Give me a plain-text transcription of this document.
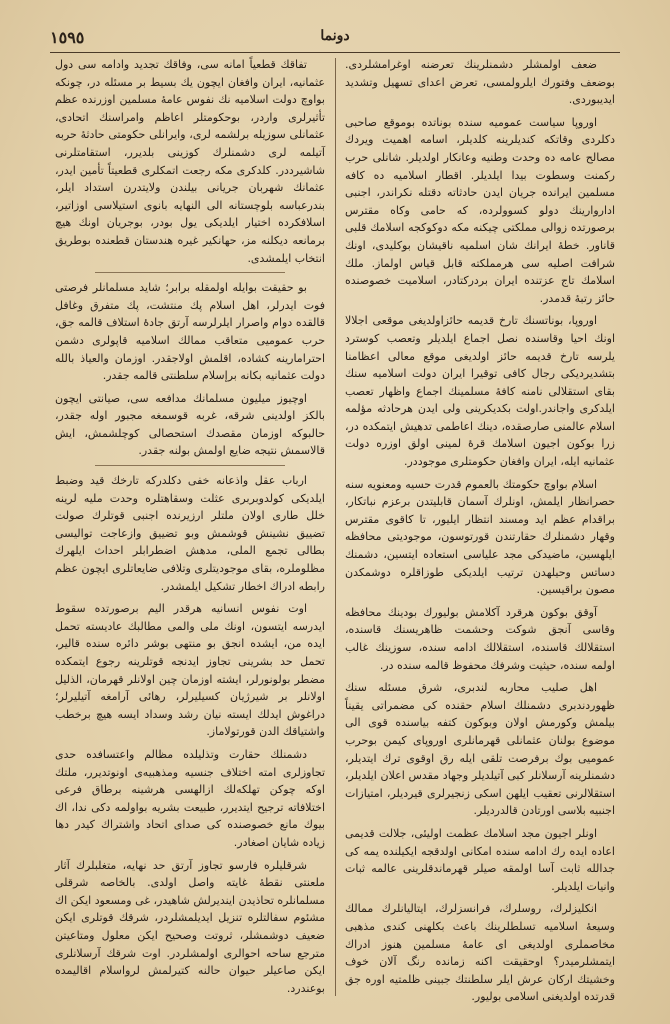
دونما
١٥٩٥

ضعف اولمشلر دشمنلرینك تعرضنه اوغرامشلردی. بوضعف وفتورك ایلرولمسی، تعرض اعدای تسهیل وتشدید ایدیبوردی.

اوروپا سیاست عمومیه سنده بوناتده بوموقع صاحبی دكلردی وقاتكه كندیلرینه كلدیلر، اسامه اهمیت ویردك مصالح عامه ده وحدت وطنیه وعانكار اولدیلر. شانلی حرب ركمنت وسطوت بیدا ایلدیلر. اقطار اسلامیه ده كافه مسلمین ایرانده جریان ایدن حادثاته دقتله نكراندر، اجنبی اداروارینك دولو كسوولرده، كه حامی وكاه مقترس برصورتده زوالی مملكتی چیكنه مكه دوكوكجه اسلامك قلبی قاناور. خطهٔ ایرانك شان اسلمیه ناقیشان بوكلیدی، اونك شرافت اصلیه سی هرمملكته قابل قیاس اولماز. ملك اسلامك تاج عزتنده ایران بردركتادر، اسلامیت خصوصنده حائز رتبهٔ قدمدر.

اوروپا، بوناتسنك تارخ قدیمه حائزاولدیغی موقعی اجلالا اونك احیا وقاسنده نصل اجماع ایلدیلر وتعصب كوسترد یلرسه تارخ قدیمه حائز اولدیغی موقع معالی اعظامنا بتشدیردیكی رجال كافی توقیرا ایران دولت اسلامیه سنك بقای استقلالی نامنه كافهٔ مسلمینك اجماع واظهار تعصب ایلدكری واجاندر.اولت بكدیكرینی ولی ایدن هرحادثه مؤلمه اسلام عالمنی صارصقده، دینك اعاطمی تدهیش ایتمكده در، زرا بوكون اجیون اسلامك قرهٔ لمینی اولق اوزره دولت عثمانیه ایله، ایران وافغان حكومتلری موجوددر.

اسلام بواوچ حكومتك بالعموم قدرت حسیه ومعنویه سنه حصرانظار ایلمش، اونلرك آسمان قابلیتدن برعزم نباتكار، براقدام عظم اید ومسند انتظار ایلیور، تا كاقوی مقترس وقهار دشمنلرك حقارتندن قورتوسون، موجودیتی محافظه ایلهسین، ماضیدكی مجد علیاسی استعاده ایتسین، دشمنك دساتس وحیلهدن ترتیب ایلدیكی طوزاقلره دوشمكدن مصون براقیسین.

آوقق بوكون هرقرد آكلامش بولیورك بودینك محافظه وقاسی آنجق شوكت وحشمت ظاهریسنك قاسنده، استقلالك قاسنده، استقلالك ادامه سنده، سوزینك غالب اولمه سنده، حیثیت وشرفك محفوظ قالمه سنده در.

اهل صلیب محاربه لندبری، شرق مسئله سنك ظهوردندبری دشمنلك اسلام حقنده كی مضمراتی یقیناً بیلمش وكورمش اولان وبوكون كتفه بیاسنده قوی الی موضوع بولنان عثمانلی قهرمانلری اوروپای كیمن بوحرب عمومیی بوك برفرصت تلقی ایله رق اوقوی ترك ایتدیلر، دشمنلرینه آرسلانلر كبی آتیلدیلر وجهاد مقدس اعلان ایلدیلر، استقلالرنی تعقیب ایلهن اسكی زنجیرلری قیردیلر، امتیازات اجنبیه بلاسی اورتادن قالدردیلر.

اونلر اجیون مجد اسلامك عظمت اولیئی، جلالت قدیمی اعاده ایده رك ادامه سنده امكانی اولدقجه ایكیلنده یمه كی جدالله ثابت آسا اولمقه صیلر قهرماندقلرینی عالمه ثبات وانیات ایلدیلر.

انكلیزلرك، روسلرك، فرانسزلرك، ایتالیانلرك ممالك وسیعهٔ اسلامیه تسلطلرینك باعث بكلهنی كندی مذهبی مخاصملری اولدیغی ای عامهٔ مسلمین هنوز ادراك ایتمشلرمیدر؟ اوحقیقت اکنه زمانده رنگ آلان خوف وخشیتك اركان عرش ایلر سلطنتك جبینی ظلمتیه اوره جق قدرتده اولدیغنی اسلامی بولیور.

تفاقك قطعیاً امانه سی، وفاقك تجدید وادامه سی دول عثمانیه، ایران وافغان ایچون یك بسیط بر مسئله در، چونكه بواوچ دولت اسلامیه نك نفوس عامهٔ مسلمین اوزرنده عظم تأثیرلری واردر، بوحكومتلر اعاظم وامراسنك اتحادی، عثمانلی سوزیله برلشمه لری، وایرانلی حكومتی حادثهٔ حربه آتیلمه لری دشمنلرك كوزینی بلدیرر، استقامتلرنی شاشیرددر. كلدكری مكه رجعت اتمكلری قطعیتاً تأمین ایدر، عثمانك شهربان جریانی بیلندن ولایتدرن استداد ایلر، بندرعباسه بلوچستانه الی النهایه بانوی استیلاسی اوزاتیر، اسلافكرده اختیار ایلدیكی یول بودر، بوجریان اونك هیچ برمانعه دیكلنه مز، حهانكیر غیره هندستان قطعنده بوطریق انتخاب ایلمشدی.

بو حقیقت بوایله اولمقله برابر؛ شاید مسلمانلر فرصتی فوت ایدرلر، اهل اسلام پك منتشت، پك متفرق وغافل قالقده دوام واصرار ایلرلرسه آرتق جادهٔ استلاف قالمه جق، حرب عمومیی متعاقب ممالك اسلامیه قاپولری دشمن احترامارینه كشاده، اقلمش اولاجقدر. اوزمان والعیاذ بالله دولت عثمانیه بكانه برإسلام سلطنتی قالمه جقدر.

اوچیوز میلیون مسلمانك مدافعه سی، صیانتی ایچون بالكز اولدینی شرقه، غربه قوسمغه مجبور اوله جقدر، حالبوكه اوزمان مقصدك استحصالی كوچلشمش، ایش قالاسمش نتیجه ضایع اولمش بولنه جقدر.

ارباب عقل واذعانه خفی دكلدركه تارخك قید وضبط ایلدیكی كولدوبربری عثلت وسقاهتلره وحدت ملیه لرینه خلل طاری اولان ملتلر ارزیرنده اجنبی قوتلرك صولت تضییق نشینش قوشمش وبو تضییق وازعاجت تواليسی بطالی تجمع الملی، مدهش اضطرابلر احداث ایلهرك مظلوملره، بقای موجودیتلری وتلافی ضایعاتلری ایچون عظم رابطه ادراك اخطار تشكیل ایلمشدر.

اوت نفوس انسانیه هرقدر الیم برصورتده سقوط ایدرسه ایتسون، اونك ملی والمی مطالبك عادیسته تحمل ایده من، ایشده انجق بو منتهی بوشر دائره سنده قالیر، تحمل حد بشرینی تجاوز ایدنجه قوتلرینه رجوع ایتمكده مضطر بولونورلر، ایشته اوزمان چین اولانلر قهرمان، الذلیل اولانلر بر شیرژیان كسیلیرلر، رهائی آرامغه آتیلیرلر؛ دراغوش ایدلك ایسته نیان رشد وسداد ایسه هیچ برخطب واشتیاقك الدن قورتولاماز.

دشمنلك حقارت وتذلیلده مظالم واعتسافده حدی تجاوزلری امته اختلاف جنسیه ومذهبیه‌ی اونوتدیرر، ملتك اوكه چوكن تهلكه‌لك ازالهسی هرشینه برطاق فرعی اختلافاته ترجیح ایتدیرر، طبیعت بشریه بواولمه دكی ندا، اك بیوك مانع خصوصنده كی صدای اتحاد واشتراك كیدر دها زیاده شایان اصغادر.

شرقلیلره فارسو تجاوز آرتق حد نهایه، متغلبلرك آثار ملعنتی نقطهٔ غایته واصل اولدی. بالخاصه شرقلی مسلمانلره تحاذیدن ایندیرلش شاهیدر، غی ومسعود ایكن اك مشئوم سفالتلره تنزیل ایدیلمشلردر، شرقك قوتلری ایكن ضعیف دوشمشلر، ثروتت وصحیح ایكن معلول ومتاعیتن مترجع ساحه احوالری اولمشلردر. اوت شرقك آرسلانلری ایكن صاعیلر حیوان حالنه كتیرلمش لرواسلام اقالیمده بوعندرد.
